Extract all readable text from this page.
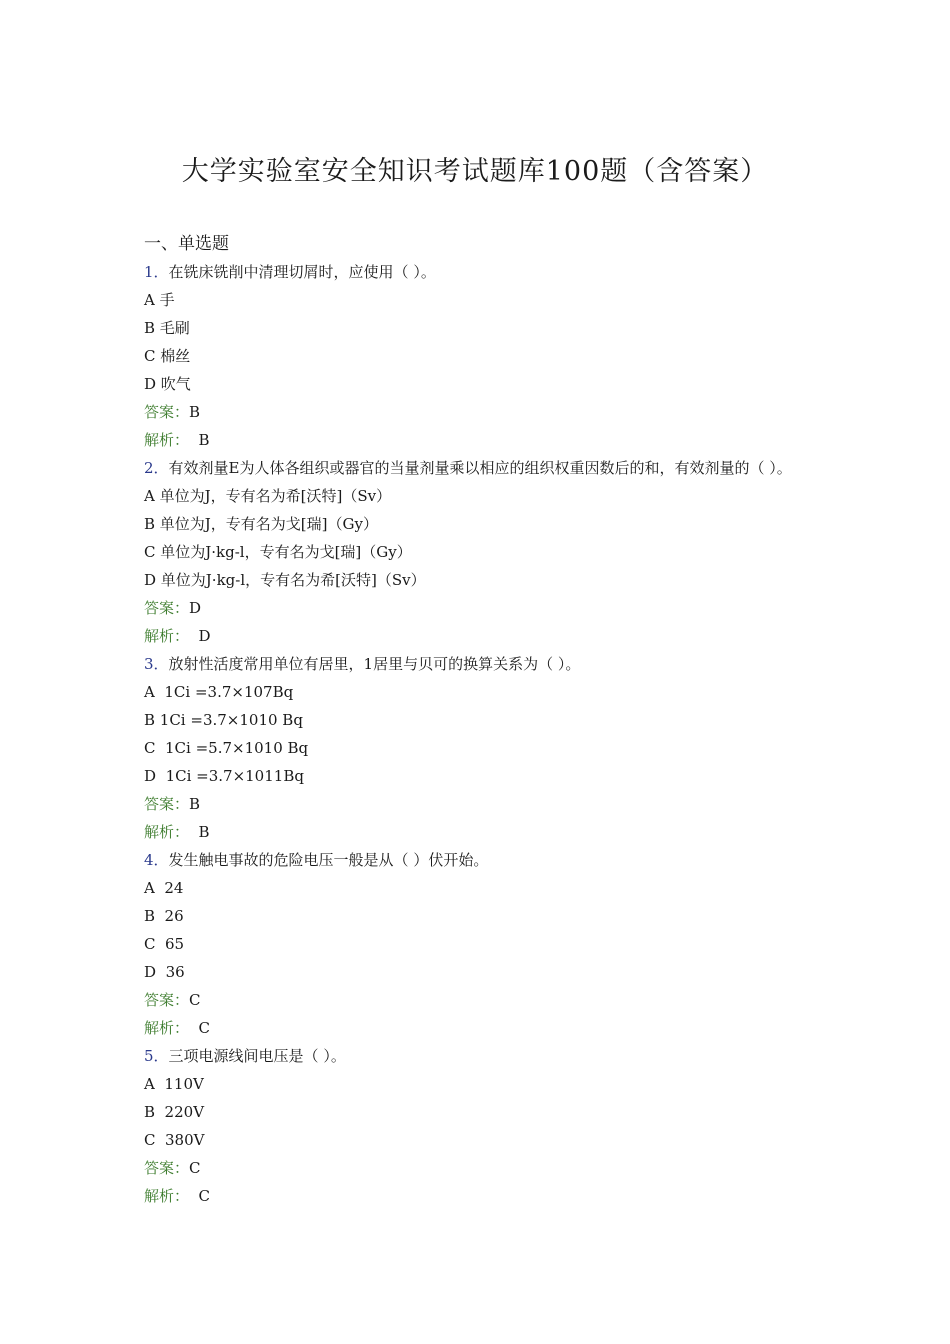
大学实验室安全知识考试题库100题（含答案）
一、单选题
1．在铣床铣削中清理切屑时，应使用（ ）。
A 手
B 毛刷
C 棉丝
D 吹气
答案：B
解析：  B
2．有效剂量E为人体各组织或器官的当量剂量乘以相应的组织权重因数后的和，有效剂量的（ ）。
A 单位为J，专有名为希[沃特]（Sv）
B 单位为J，专有名为戈[瑞]（Gy）
C 单位为J·kg-l，专有名为戈[瑞]（Gy）
D 单位为J·kg-l，专有名为希[沃特]（Sv）
答案：D
解析：  D
3．放射性活度常用单位有居里，1居里与贝可的换算关系为（ ）。
A  1Ci =3.7×107Bq
B 1Ci =3.7×1010 Bq
C  1Ci =5.7×1010 Bq
D  1Ci =3.7×1011Bq
答案：B
解析：  B
4．发生触电事故的危险电压一般是从（ ）伏开始。
A  24
B  26
C  65
D  36
答案：C
解析：  C
5．三项电源线间电压是（ ）。
A  110V
B  220V
C  380V
答案：C
解析：  C
